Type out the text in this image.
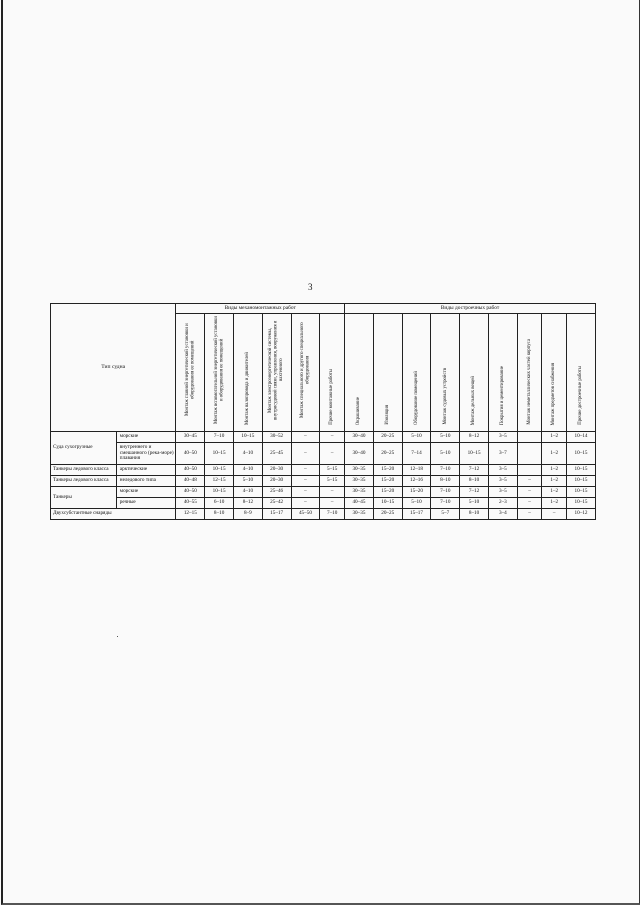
3
Тип судна		Виды механомонтажных работ						Виды достроечных работ								
		Монтаж главной энергетической установки и оборудования ее помещений	Монтаж вспомогательной энергетической установки и оборудования ее помещений	Монтаж валопровода и движителей	Монтаж электроэнергетической системы, внутрисудовой связи, управления, вооружения и вахтенного	Монтаж специального и другого специального оборудования	Прочие монтажные работы	Окрашивание	Изоляция	Оборудование помещений	Монтаж судовых устройств	Монтаж дельных вещей	Покрытия и цементирование	Монтаж неметаллических частей корпуса	Монтаж предметов снабжения	Прочие достроечные работы
Суда сухогрузные	морские	30–45	7–10	10–15	30–52	–	–	30–40	20–25	5–10	5–10	8–12	3–5		1–2	10–14
	внутреннего и смешанного (река-море) плавания	40–50	10–15	4–10	25–45	–	–	30–40	20–25	7–14	5–10	10–15	3–7		1–2	10–15
Танкеры ледового класса	арктические	40–50	10–15	4–10	20–30	–	5–15	30–35	15–20	12–18	7–10	7–12	3–5		1–2	10–15
Танкеры ледового класса	неледового типа	40–48	12–15	5–10	20–30	–	5–15	30–35	15–20	12–16	8–10	8–10	3–5	–	1–2	10–15
Танкеры	морские	40–50	10–15	4–10	25–46	–	–	30–35	15–20	15–20	7–10	7–12	3–5	–	1–2	10–15
	речные	40–55	6–10	8–12	25–42	–	–	40–45	10–15	5–10	7–10	5–10	2–3	–	1–2	10–15
Двухсубстантные снаряды		12–15	8–10	8–9	15–17	45–50	7–10	30–35	20–25	15–17	5–7	8–10	3–4	–	–	10–12
